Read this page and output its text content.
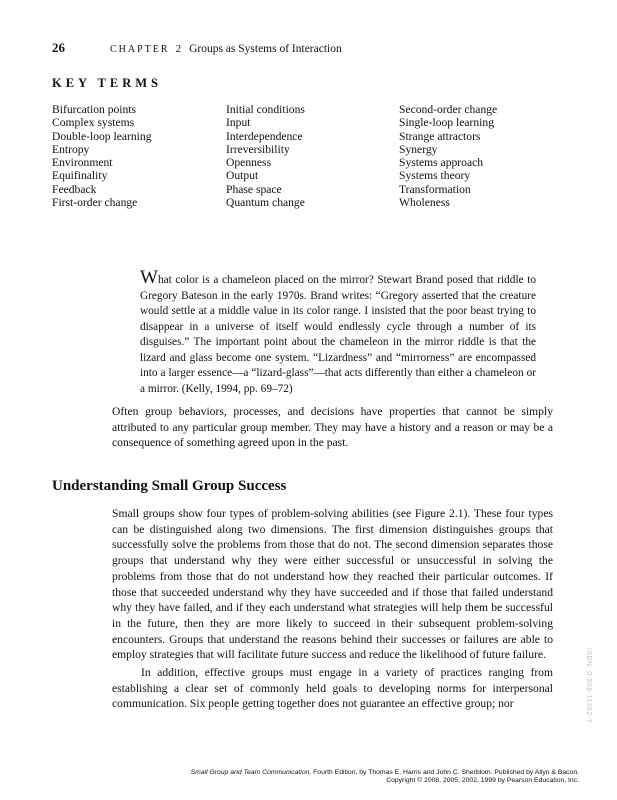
26	CHAPTER 2 Groups as Systems of Interaction
KEY TERMS
Bifurcation points
Complex systems
Double-loop learning
Entropy
Environment
Equifinality
Feedback
First-order change
Initial conditions
Input
Interdependence
Irreversibility
Openness
Output
Phase space
Quantum change
Second-order change
Single-loop learning
Strange attractors
Synergy
Systems approach
Systems theory
Transformation
Wholeness
What color is a chameleon placed on the mirror? Stewart Brand posed that riddle to Gregory Bateson in the early 1970s. Brand writes: “Gregory asserted that the creature would settle at a middle value in its color range. I insisted that the poor beast trying to disappear in a universe of itself would endlessly cycle through a number of its disguises.” The important point about the chameleon in the mirror riddle is that the lizard and glass become one system. “Lizardness” and “mirrorness” are encompassed into a larger essence—a “lizard-glass”—that acts differently than either a chameleon or a mirror. (Kelly, 1994, pp. 69–72)
Often group behaviors, processes, and decisions have properties that cannot be simply attributed to any particular group member. They may have a history and a reason or may be a consequence of something agreed upon in the past.
Understanding Small Group Success
Small groups show four types of problem-solving abilities (see Figure 2.1). These four types can be distinguished along two dimensions. The first dimension distinguishes groups that successfully solve the problems from those that do not. The second dimension separates those groups that understand why they were either successful or unsuccessful in solving the problems from those that do not understand how they reached their particular outcomes. If those that succeeded understand why they have succeeded and if those that failed understand why they have failed, and if they each understand what strategies will help them be successful in the future, then they are more likely to succeed in their subsequent problem-solving encounters. Groups that understand the reasons behind their successes or failures are able to employ strategies that will facilitate future success and reduce the likelihood of future failure.
In addition, effective groups must engage in a variety of practices ranging from establishing a clear set of commonly held goals to developing norms for interpersonal communication. Six people getting together does not guarantee an effective group; nor	ISBN: 0-558-11262-7
Small Group and Team Communication, Fourth Edition, by Thomas E. Harris and John C. Sherblom. Published by Allyn & Bacon.
Copyright © 2008, 2005, 2002, 1999 by Pearson Education, Inc.
